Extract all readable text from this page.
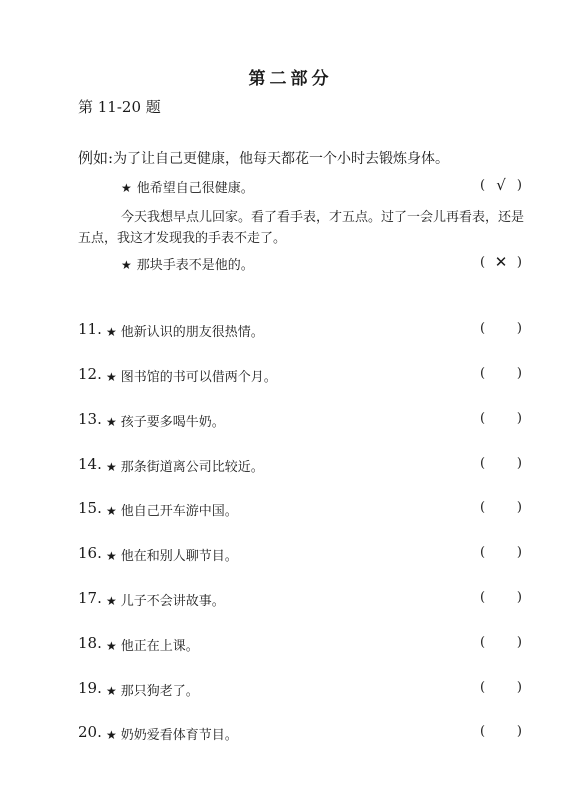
第二部分
第 11-20 题
例如:为了让自己更健康，他每天都花一个小时去锻炼身体。
★ 他希望自己很健康。	( √ )
今天我想早点儿回家。看了看手表，才五点。过了一会儿再看表，还是五点，我这才发现我的手表不走了。
★ 那块手表不是他的。	( ✕ )
11. ★ 他新认识的朋友很热情。	( )
12. ★ 图书馆的书可以借两个月。	( )
13. ★ 孩子要多喝牛奶。	( )
14. ★ 那条街道离公司比较近。	( )
15. ★ 他自己开车游中国。	( )
16. ★ 他在和别人聊节目。	( )
17. ★ 儿子不会讲故事。	( )
18. ★ 他正在上课。	( )
19. ★ 那只狗老了。	( )
20. ★ 奶奶爱看体育节目。	( )
